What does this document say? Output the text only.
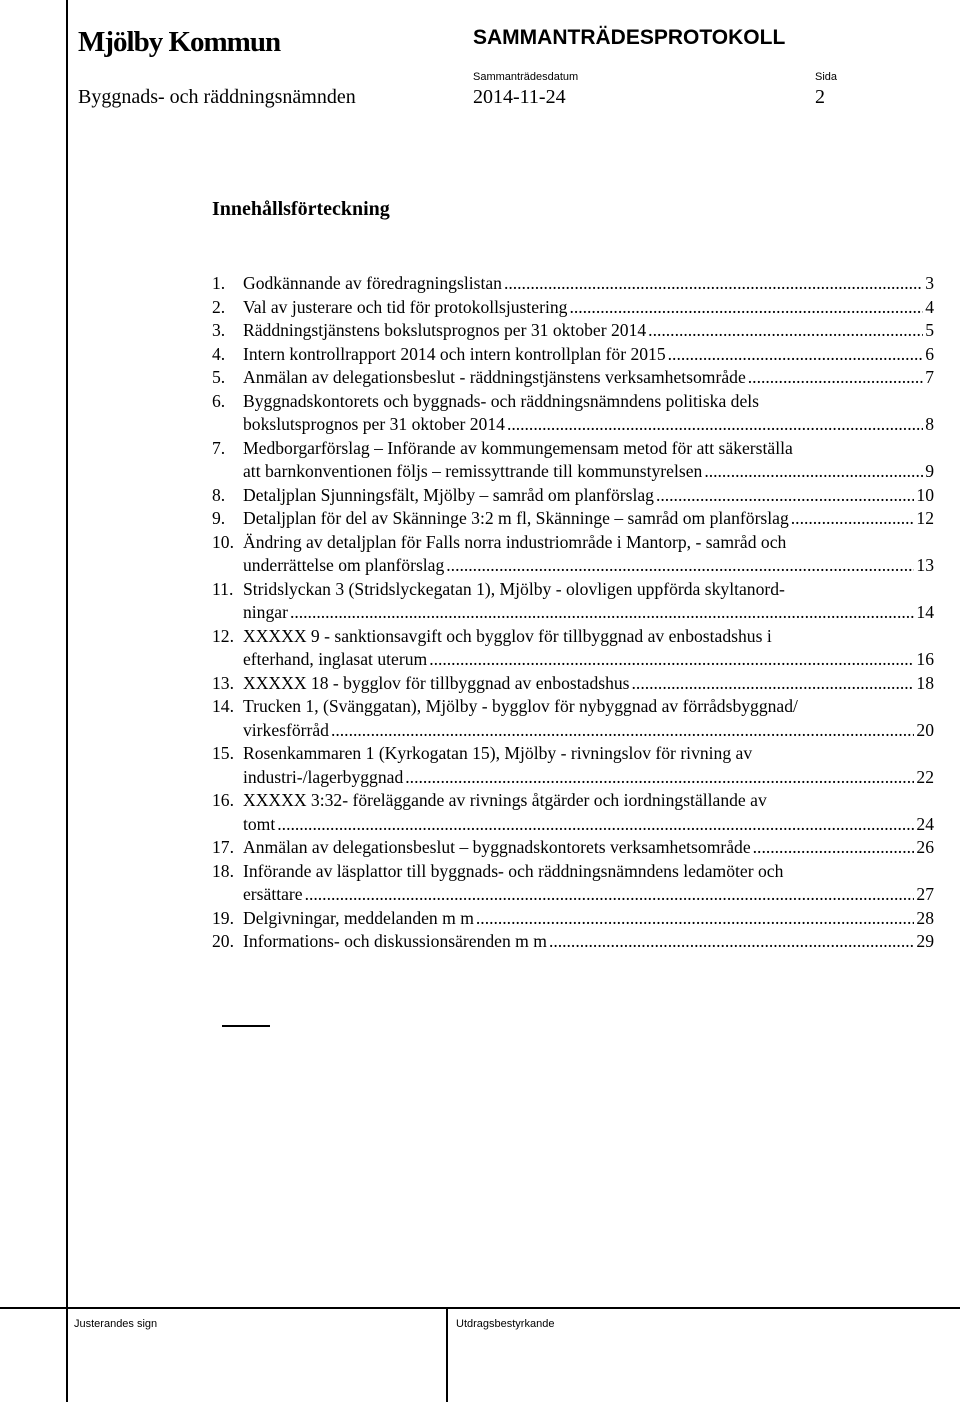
Mjölby Kommun	SAMMANTRÄDESPROTOKOLL
Sammanträdesdatum	Sida
Byggnads- och räddningsnämnden	2014-11-24	2
Innehållsförteckning
1. Godkännande av föredragningslistan .....	3
2. Val av justerare och tid för protokollsjustering .....	4
3. Räddningstjänstens bokslutsprognos per 31 oktober 2014 .....	5
4. Intern kontrollrapport 2014 och intern kontrollplan för 2015 .....	6
5. Anmälan av delegationsbeslut - räddningstjänstens verksamhetsområde .....	7
6. Byggnadskontorets och byggnads- och räddningsnämndens politiska dels
bokslutsprognos per 31 oktober 2014 .....	8
7. Medborgarförslag – Införande av kommungemensam metod för att säkerställa
att barnkonventionen följs – remissyttrande till kommunstyrelsen .....	9
8. Detaljplan Sjunningsfält, Mjölby – samråd om planförslag .....	10
9. Detaljplan för del av Skänninge 3:2 m fl, Skänninge – samråd om planförslag .....	12
10. Ändring av detaljplan för Falls norra industriområde i Mantorp, - samråd och
underrättelse om planförslag .....	13
11. Stridslyckan 3 (Stridslyckegatan 1), Mjölby - olovligen uppförda skyltanord-
ningar .....	14
12. XXXXX 9 - sanktionsavgift och bygglov för tillbyggnad av enbostadshus i
efterhand, inglasat uterum .....	16
13. XXXXX 18 - bygglov för tillbyggnad av enbostadshus .....	18
14. Trucken 1, (Svänggatan), Mjölby - bygglov för nybyggnad av förrådsbyggnad/
virkesförråd .....	20
15. Rosenkammaren 1 (Kyrkogatan 15), Mjölby - rivningslov för rivning av
industri-/lagerbyggnad .....	22
16. XXXXX 3:32- föreläggande av rivnings åtgärder och iordningställande av
tomt .....	24
17. Anmälan av delegationsbeslut – byggnadskontorets verksamhetsområde .....	26
18. Införande av läsplattor till byggnads- och räddningsnämndens ledamöter och
ersättare .....	27
19. Delgivningar, meddelanden m m .....	28
20. Informations- och diskussionsärenden m m .....	29
Justerandes sign	Utdragsbestyrkande
